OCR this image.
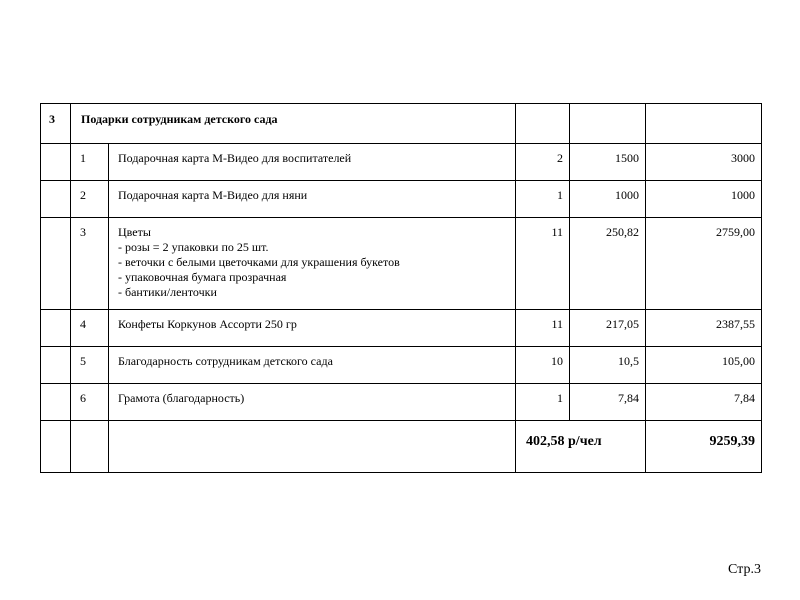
3	Подарки сотрудникам детского сада				
	1	Подарочная карта М-Видео для воспитателей	2	1500	3000
	2	Подарочная карта М-Видео для няни	1	1000	1000
	3	Цветы
- розы = 2 упаковки по 25 шт.
- веточки с белыми цветочками для украшения букетов
- упаковочная бумага прозрачная
- бантики/ленточки	11	250,82	2759,00
	4	Конфеты Коркунов Ассорти 250 гр	11	217,05	2387,55
	5	Благодарность сотрудникам детского сада	10	10,5	105,00
	6	Грамота (благодарность)	1	7,84	7,84
			402,58 р/чел		9259,39
Стр.3
